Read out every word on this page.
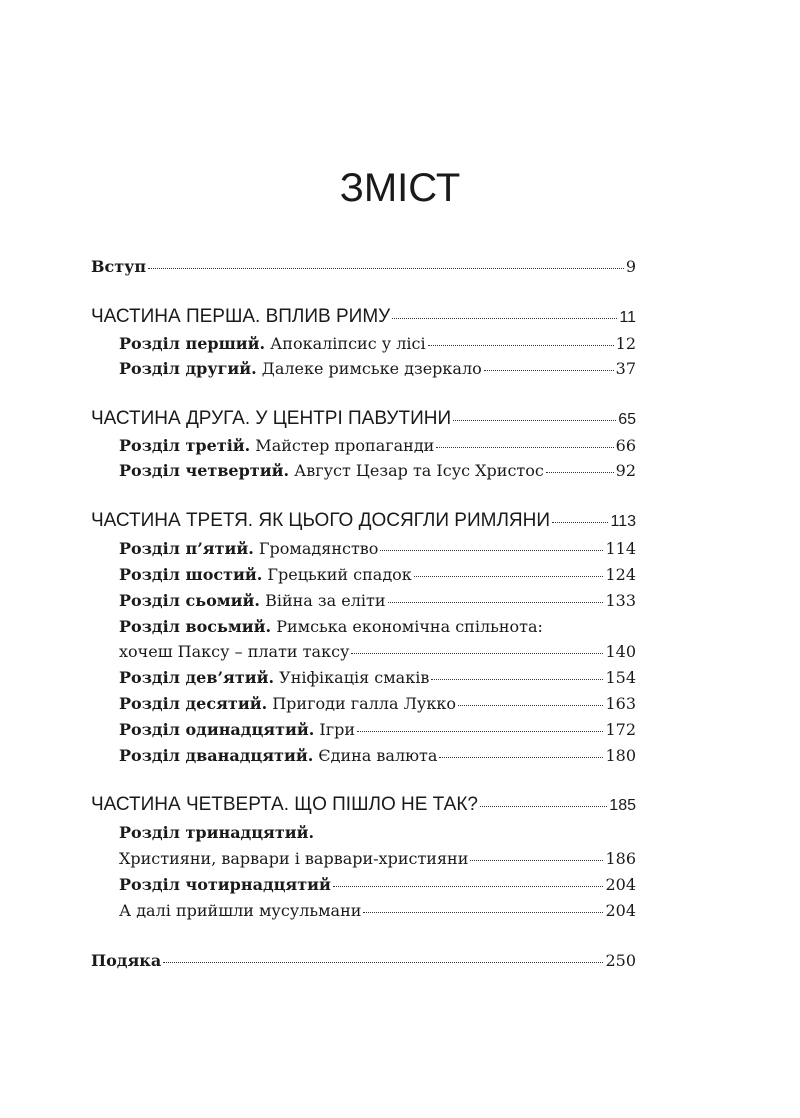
ЗМІСТ
Вступ	9
ЧАСТИНА ПЕРША. ВПЛИВ РИМУ	11
Розділ перший. Апокаліпсис у лісі	12
Розділ другий. Далеке римське дзеркало	37
ЧАСТИНА ДРУГА. У ЦЕНТРІ ПАВУТИНИ	65
Розділ третій. Майстер пропаганди	66
Розділ четвертий. Август Цезар та Ісус Христос	92
ЧАСТИНА ТРЕТЯ. ЯК ЦЬОГО ДОСЯГЛИ РИМЛЯНИ	113
Розділ п’ятий. Громадянство	114
Розділ шостий. Грецький спадок	124
Розділ сьомий. Війна за еліти	133
Розділ восьмий. Римська економічна спільнота:
хочеш Паксу – плати таксу	140
Розділ дев’ятий. Уніфікація смаків	154
Розділ десятий. Пригоди галла Лукко	163
Розділ одинадцятий. Ігри	172
Розділ дванадцятий. Єдина валюта	180
ЧАСТИНА ЧЕТВЕРТА. ЩО ПІШЛО НЕ ТАК?	185
Розділ тринадцятий.
Християни, варвари і варвари-християни	186
Розділ чотирнадцятий	204
А далі прийшли мусульмани	204
Подяка	250
